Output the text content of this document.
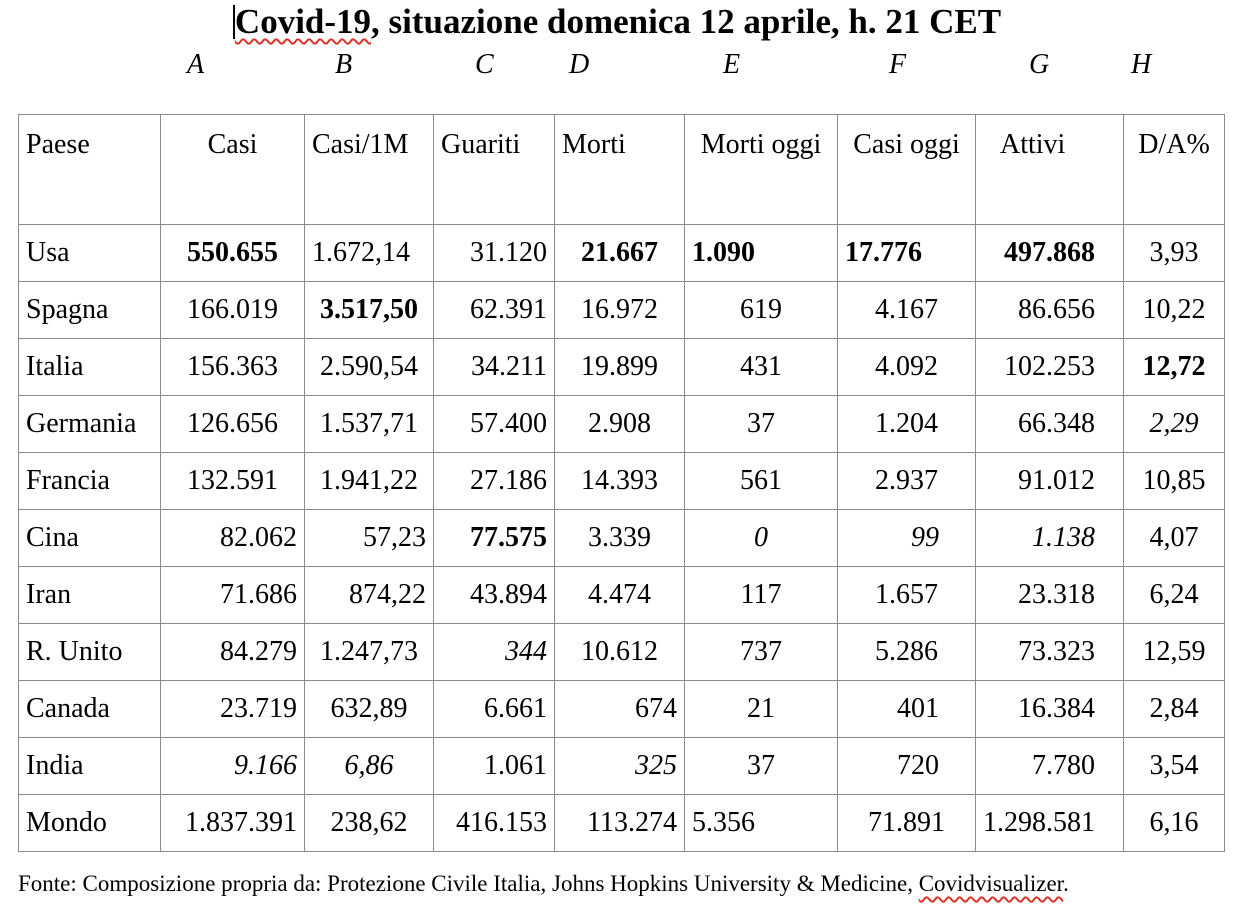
Covid-19, situazione domenica 12 aprile, h. 21 CET
A	B	C	D	E	F	G	H
Paese	Casi	Casi/1M	Guariti	Morti	Morti oggi	Casi oggi	Attivi	D/A%
Usa	550.655	1.672,14	31.120	21.667	1.090	17.776	497.868	3,93
Spagna	166.019	3.517,50	62.391	16.972	619	4.167	86.656	10,22
Italia	156.363	2.590,54	34.211	19.899	431	4.092	102.253	12,72
Germania	126.656	1.537,71	57.400	2.908	37	1.204	66.348	2,29
Francia	132.591	1.941,22	27.186	14.393	561	2.937	91.012	10,85
Cina	82.062	57,23	77.575	3.339	0	99	1.138	4,07
Iran	71.686	874,22	43.894	4.474	117	1.657	23.318	6,24
R. Unito	84.279	1.247,73	344	10.612	737	5.286	73.323	12,59
Canada	23.719	632,89	6.661	674	21	401	16.384	2,84
India	9.166	6,86	1.061	325	37	720	7.780	3,54
Mondo	1.837.391	238,62	416.153	113.274	5.356	71.891	1.298.581	6,16
Fonte: Composizione propria da: Protezione Civile Italia, Johns Hopkins University & Medicine, Covidvisualizer.
